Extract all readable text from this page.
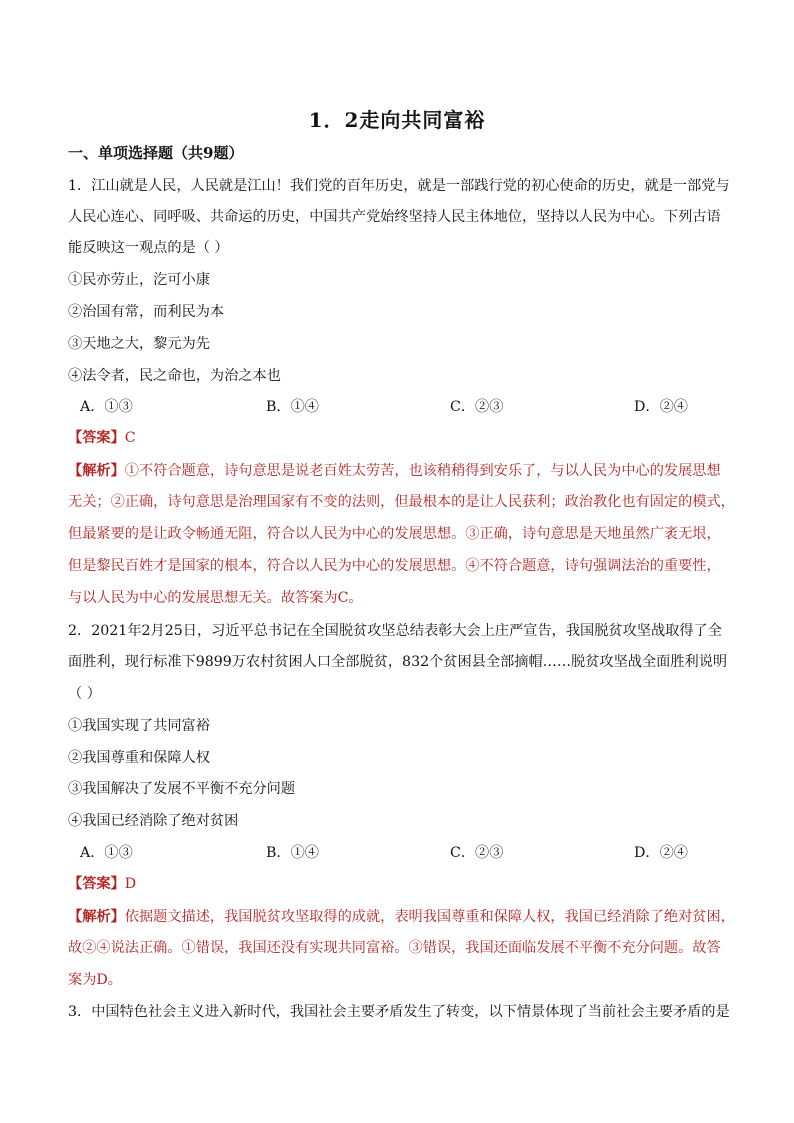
1．2走向共同富裕
一、单项选择题（共9题）
1．江山就是人民，人民就是江山！我们党的百年历史，就是一部践行党的初心使命的历史，就是一部党与
人民心连心、同呼吸、共命运的历史，中国共产党始终坚持人民主体地位，坚持以人民为中心。下列古语
能反映这一观点的是（ ）
①民亦劳止，汔可小康
②治国有常，而利民为本
③天地之大，黎元为先
④法令者，民之命也，为治之本也
A．①③	B．①④	C．②③	D．②④
【答案】C
【解析】①不符合题意，诗句意思是说老百姓太劳苦，也该稍稍得到安乐了，与以人民为中心的发展思想
无关；②正确，诗句意思是治理国家有不变的法则，但最根本的是让人民获利；政治教化也有固定的模式，
但最紧要的是让政令畅通无阻，符合以人民为中心的发展思想。③正确，诗句意思是天地虽然广袤无垠，
但是黎民百姓才是国家的根本，符合以人民为中心的发展思想。④不符合题意，诗句强调法治的重要性，
与以人民为中心的发展思想无关。故答案为C。
2．2021年2月25日，习近平总书记在全国脱贫攻坚总结表彰大会上庄严宣告，我国脱贫攻坚战取得了全
面胜利，现行标准下9899万农村贫困人口全部脱贫，832个贫困县全部摘帽……脱贫攻坚战全面胜利说明
（ ）
①我国实现了共同富裕
②我国尊重和保障人权
③我国解决了发展不平衡不充分问题
④我国已经消除了绝对贫困
A．①③	B．①④	C．②③	D．②④
【答案】D
【解析】依据题文描述，我国脱贫攻坚取得的成就，表明我国尊重和保障人权，我国已经消除了绝对贫困，
故②④说法正确。①错误，我国还没有实现共同富裕。③错误，我国还面临发展不平衡不充分问题。故答
案为D。
3．中国特色社会主义进入新时代，我国社会主要矛盾发生了转变，以下情景体现了当前社会主要矛盾的是
